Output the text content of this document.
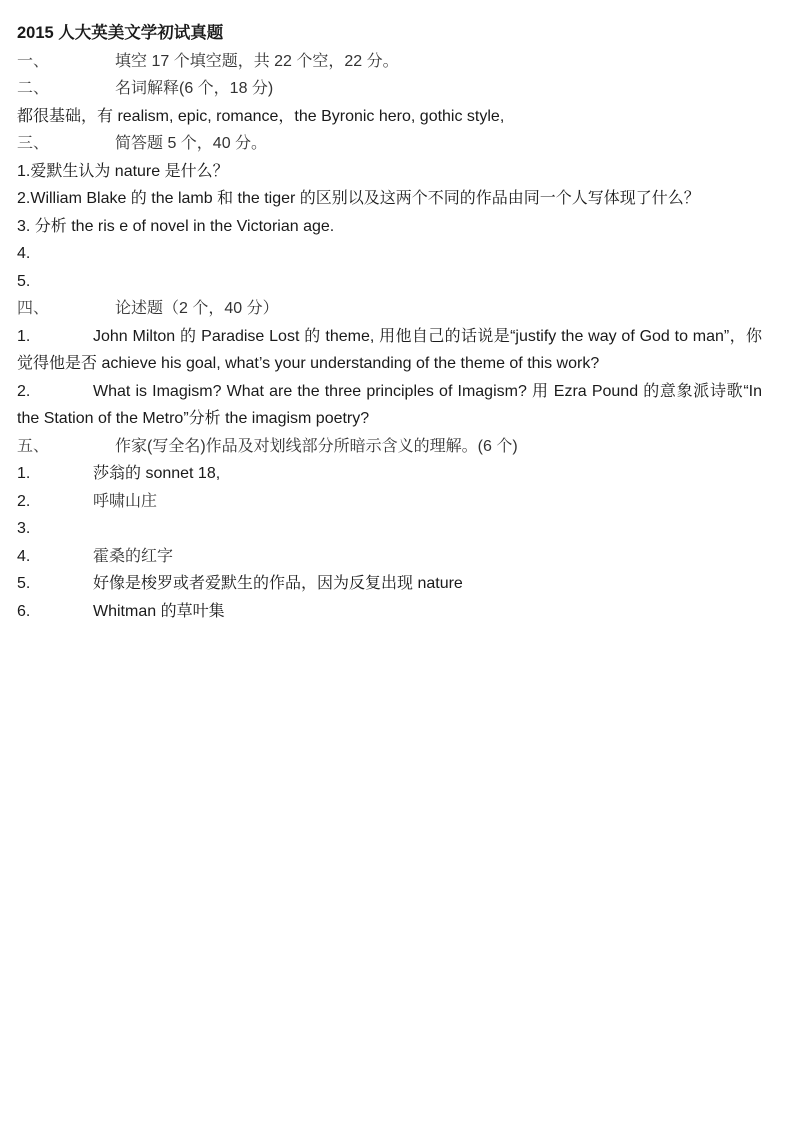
2015 人大英美文学初试真题
一、	填空 17 个填空题，共 22 个空，22 分。
二、	名词解释(6 个，18 分)
都很基础，有 realism, epic, romance，the Byronic hero, gothic style,
三、	简答题 5 个，40 分。
1.爱默生认为 nature 是什么？
2.William Blake 的 the lamb 和 the tiger 的区别以及这两个不同的作品由同一个人写体现了什么？
3. 分析 the ris e of novel in the Victorian age.
4.
5.
四、	论述题（2 个，40 分）
1.	John Milton 的 Paradise Lost 的 theme, 用他自己的话说是“justify the way of God to man”，你觉得他是否 achieve his goal, what’s your understanding of the theme of this work?
2.	What is Imagism? What are the three principles of Imagism? 用 Ezra Pound 的意象派诗歌“In the Station of the Metro”分析 the imagism poetry?
五、	作家(写全名)作品及对划线部分所暗示含义的理解。(6 个)
1.	莎翁的 sonnet 18,
2.	呼啸山庄
3.
4.	霍桑的红字
5.	好像是梭罗或者爱默生的作品，因为反复出现 nature
6.	Whitman 的草叶集
